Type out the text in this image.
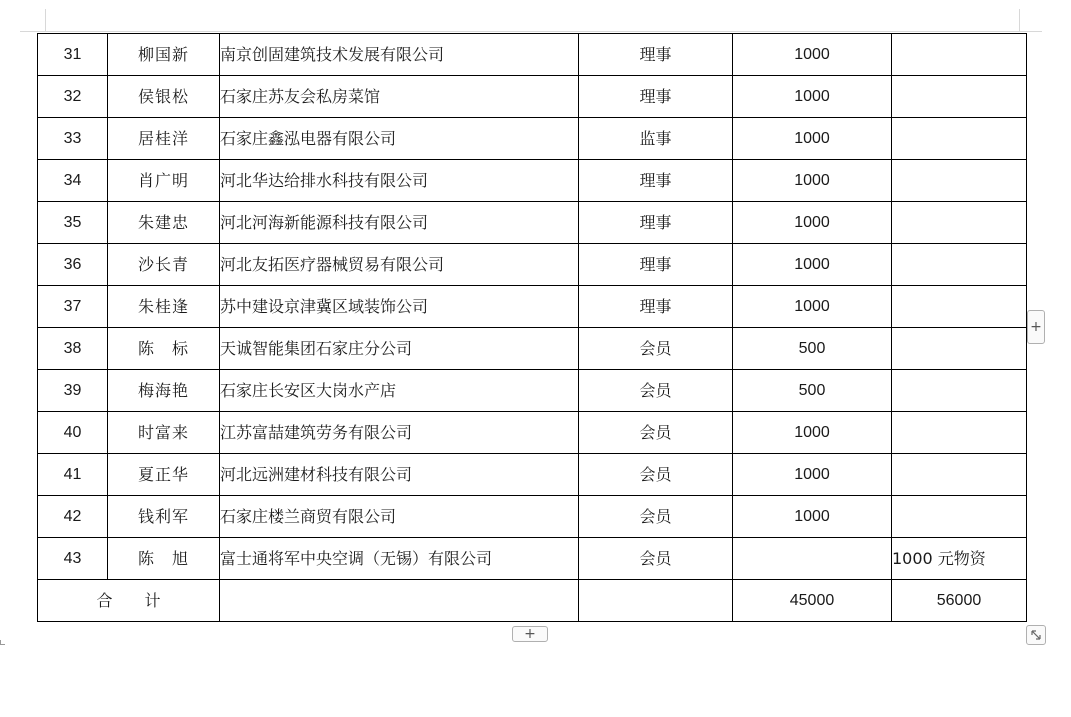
31	柳国新	南京创固建筑技术发展有限公司	理事	1000	
32	侯银松	石家庄苏友会私房菜馆	理事	1000	
33	居桂洋	石家庄鑫泓电器有限公司	监事	1000	
34	肖广明	河北华达给排水科技有限公司	理事	1000	
35	朱建忠	河北河海新能源科技有限公司	理事	1000	
36	沙长青	河北友拓医疗器械贸易有限公司	理事	1000	
37	朱桂逢	苏中建设京津冀区域装饰公司	理事	1000	
38	陈　标	天诚智能集团石家庄分公司	会员	500	
39	梅海艳	石家庄长安区大岗水产店	会员	500	
40	时富来	江苏富喆建筑劳务有限公司	会员	1000	
41	夏正华	河北远洲建材科技有限公司	会员	1000	
42	钱利军	石家庄楼兰商贸有限公司	会员	1000	
43	陈　旭	富士通将军中央空调（无锡）有限公司	会员		1000 元物资
合　　计				45000	56000
+
+
